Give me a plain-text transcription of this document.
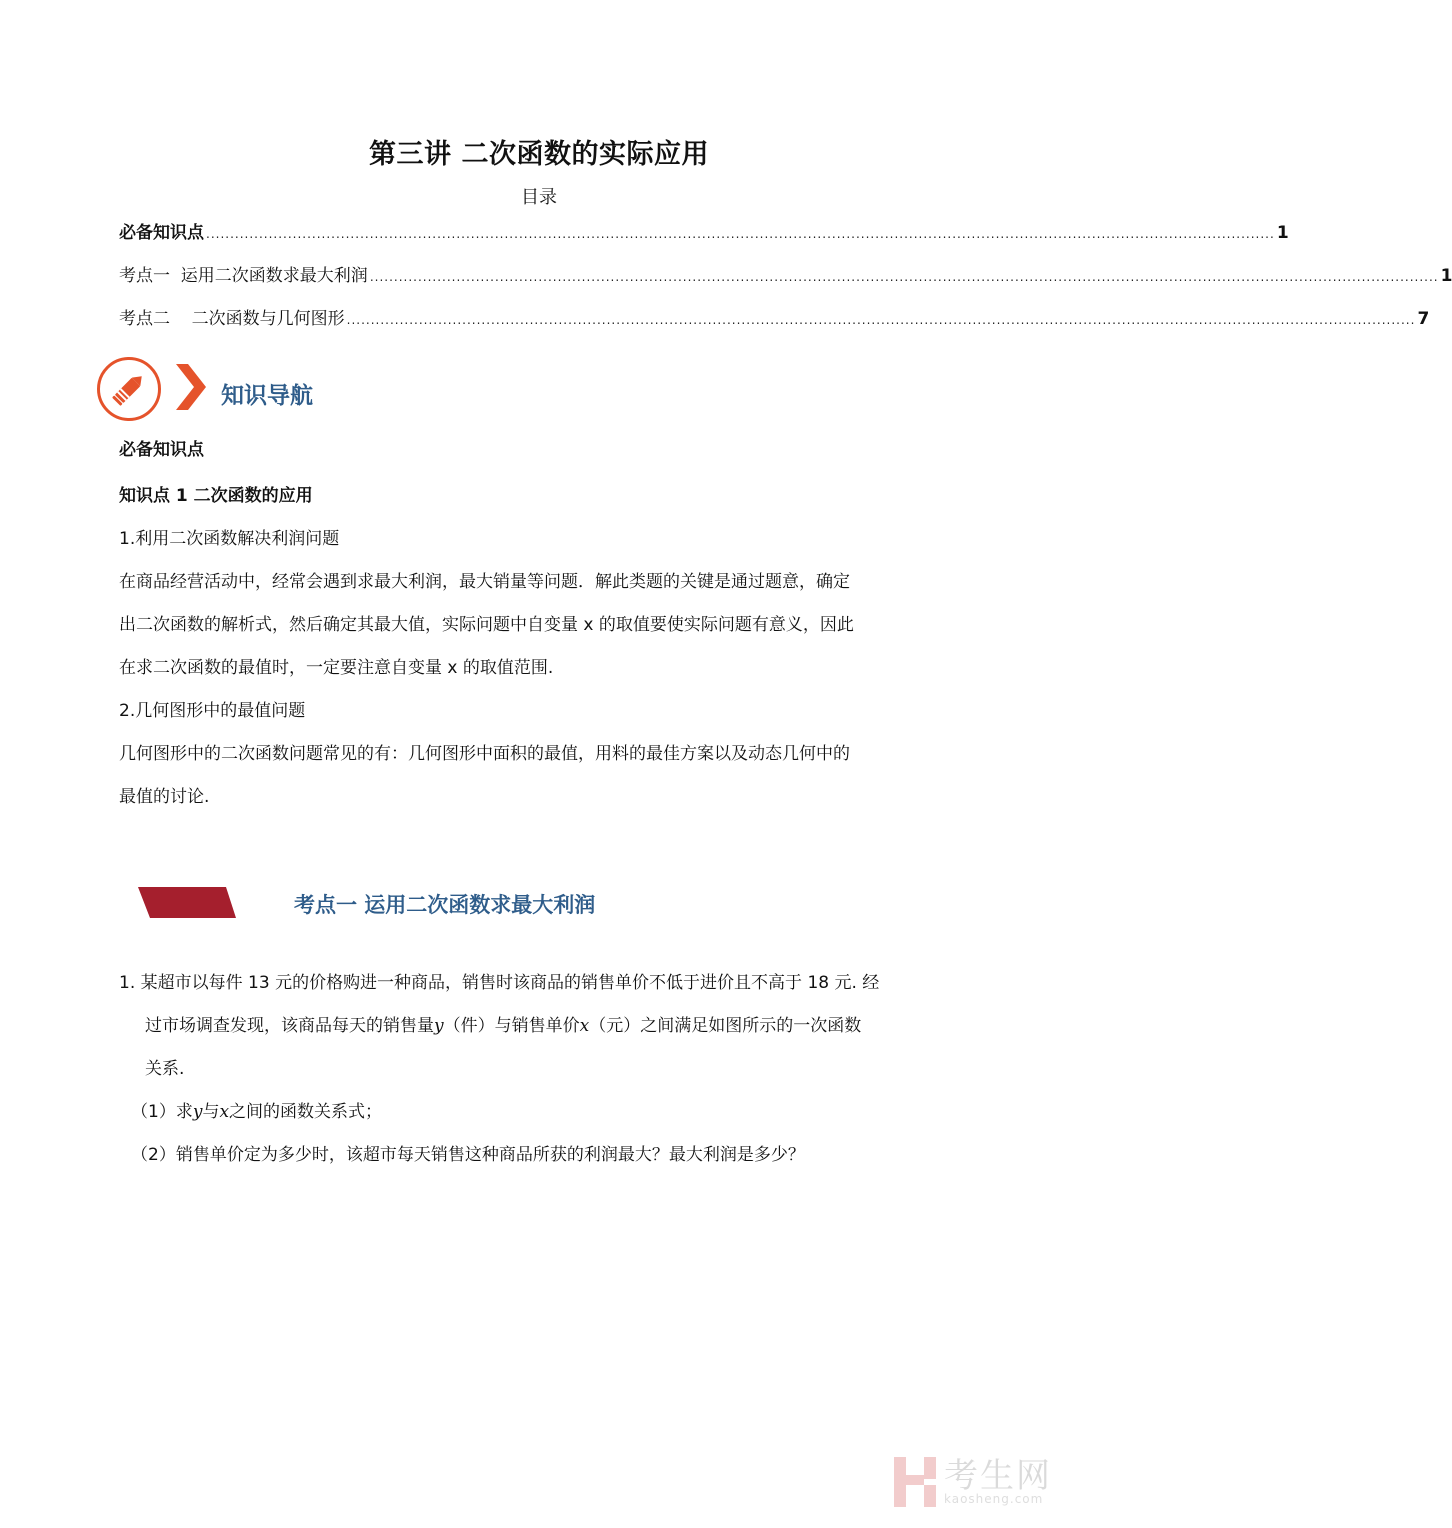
第三讲 二次函数的实际应用
目录
必备知识点 .............................................................................................................................................................................................................................. 1
考点一  运用二次函数求最大利润 .............................................................................................................................................................................................................................. 1
考点二    二次函数与几何图形 .............................................................................................................................................................................................................................. 7
知识导航
必备知识点
知识点 1 二次函数的应用
1.利用二次函数解决利润问题
在商品经营活动中，经常会遇到求最大利润，最大销量等问题．解此类题的关键是通过题意，确定
出二次函数的解析式，然后确定其最大值，实际问题中自变量 x 的取值要使实际问题有意义，因此
在求二次函数的最值时，一定要注意自变量 x 的取值范围.
2.几何图形中的最值问题
几何图形中的二次函数问题常见的有：几何图形中面积的最值，用料的最佳方案以及动态几何中的
最值的讨论.
考点一 运用二次函数求最大利润
1. 某超市以每件 13 元的价格购进一种商品，销售时该商品的销售单价不低于进价且不高于 18 元. 经
过市场调查发现，该商品每天的销售量y（件）与销售单价x（元）之间满足如图所示的一次函数
关系.
（1）求y与x之间的函数关系式；
（2）销售单价定为多少时，该超市每天销售这种商品所获的利润最大？最大利润是多少？
考生网
kaosheng.com
